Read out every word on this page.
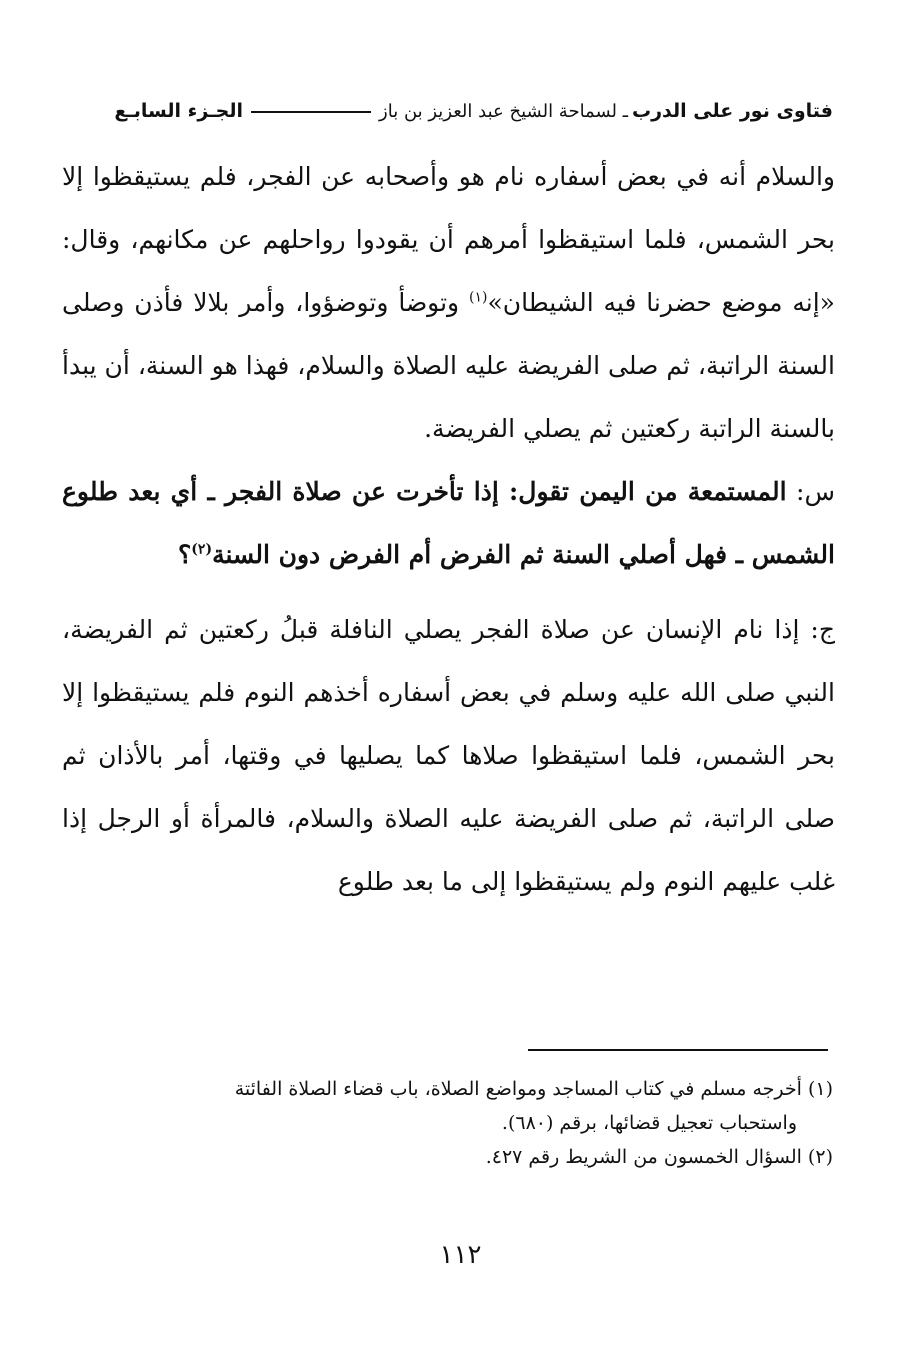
فتاوى نور على الدرب
ـ لسماحة الشيخ عبد العزيز بن باز
الجـزء السابـع

والسلام أنه في بعض أسفاره نام هو وأصحابه عن الفجر، فلم يستيقظوا إلا بحر الشمس، فلما استيقظوا أمرهم أن يقودوا رواحلهم عن مكانهم، وقال: «إنه موضع حضرنا فيه الشيطان»$^{(١)}$ وتوضأ وتوضؤوا، وأمر بلالا فأذن وصلى السنة الراتبة، ثم صلى الفريضة عليه الصلاة والسلام، فهذا هو السنة، أن يبدأ بالسنة الراتبة ركعتين ثم يصلي الفريضة.

س: المستمعة من اليمن تقول: إذا تأخرت عن صلاة الفجر ـ أي بعد طلوع الشمس ـ فهل أصلي السنة ثم الفرض أم الفرض دون السنة$^{(٢)}$؟

ج: إذا نام الإنسان عن صلاة الفجر يصلي النافلة قبلُ ركعتين ثم الفريضة، النبي صلى الله عليه وسلم في بعض أسفاره أخذهم النوم فلم يستيقظوا إلا بحر الشمس، فلما استيقظوا صلاها كما يصليها في وقتها، أمر بالأذان ثم صلى الراتبة، ثم صلى الفريضة عليه الصلاة والسلام، فالمرأة أو الرجل إذا غلب عليهم النوم ولم يستيقظوا إلى ما بعد طلوع

(١) أخرجه مسلم في كتاب المساجد ومواضع الصلاة، باب قضاء الصلاة الفائتة

واستحباب تعجيل قضائها، برقم (٦٨٠).

(٢) السؤال الخمسون من الشريط رقم ٤٢٧.

١١٢
